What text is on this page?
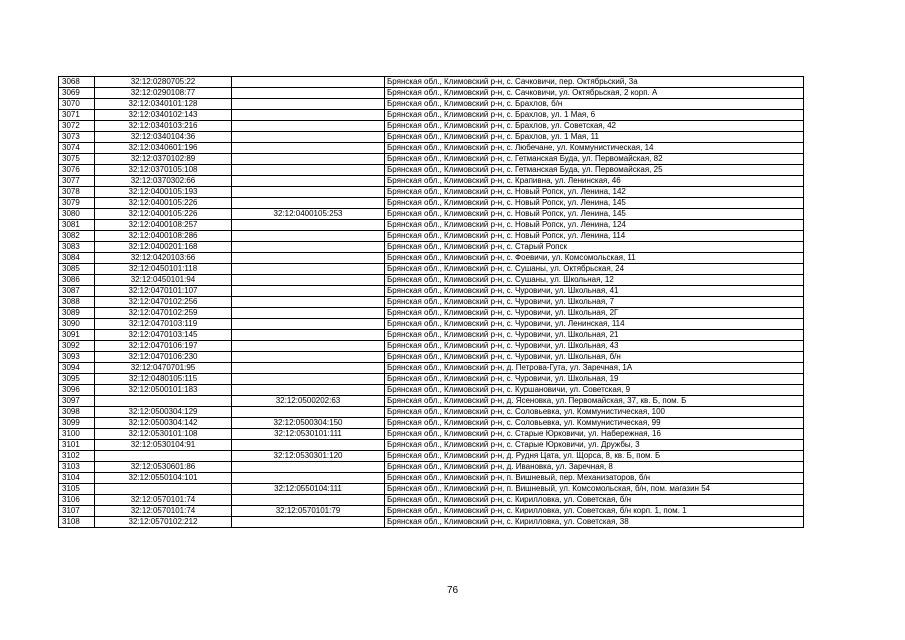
3068	32:12:0280705:22		Брянская обл., Климовский р-н, с. Сачковичи, пер. Октябрьский, 3а
3069	32:12:0290108:77		Брянская обл., Климовский р-н, с. Сачковичи, ул. Октябрьская, 2 корп. А
3070	32:12:0340101:128		Брянская обл., Климовский р-н, с. Брахлов, б/н
3071	32:12:0340102:143		Брянская обл., Климовский р-н, с. Брахлов, ул. 1 Мая, 6
3072	32:12:0340103:216		Брянская обл., Климовский р-н, с. Брахлов, ул. Советская, 42
3073	32:12:0340104:36		Брянская обл., Климовский р-н, с. Брахлов, ул. 1 Мая, 11
3074	32:12:0340601:196		Брянская обл., Климовский р-н, с. Любечане, ул. Коммунистическая, 14
3075	32:12:0370102:89		Брянская обл., Климовский р-н, с. Гетманская Буда, ул. Первомайская, 82
3076	32:12:0370105:108		Брянская обл., Климовский р-н, с. Гетманская Буда, ул. Первомайская, 25
3077	32:12:0370302:66		Брянская обл., Климовский р-н, с. Крапивна, ул. Ленинская, 46
3078	32:12:0400105:193		Брянская обл., Климовский р-н, с. Новый Ропск, ул. Ленина, 142
3079	32:12:0400105:226		Брянская обл., Климовский р-н, с. Новый Ропск, ул. Ленина, 145
3080	32:12:0400105:226	32:12:0400105:253	Брянская обл., Климовский р-н, с. Новый Ропск, ул. Ленина, 145
3081	32:12:0400108:257		Брянская обл., Климовский р-н, с. Новый Ропск, ул. Ленина, 124
3082	32:12:0400108:286		Брянская обл., Климовский р-н, с. Новый Ропск, ул. Ленина, 114
3083	32:12:0400201:168		Брянская обл., Климовский р-н, с. Старый Ропск
3084	32:12:0420103:66		Брянская обл., Климовский р-н, с. Фоевичи, ул. Комсомольская, 11
3085	32:12:0450101:118		Брянская обл., Климовский р-н, с. Сушаны, ул. Октябрьская, 24
3086	32:12:0450101:94		Брянская обл., Климовский р-н, с. Сушаны, ул. Школьная, 12
3087	32:12:0470101:107		Брянская обл., Климовский р-н, с. Чуровичи, ул. Школьная, 41
3088	32:12:0470102:256		Брянская обл., Климовский р-н, с. Чуровичи, ул. Школьная, 7
3089	32:12:0470102:259		Брянская обл., Климовский р-н, с. Чуровичи, ул. Школьная, 2Г
3090	32:12:0470103:119		Брянская обл., Климовский р-н, с. Чуровичи, ул. Ленинская, 114
3091	32:12:0470103:145		Брянская обл., Климовский р-н, с. Чуровичи, ул. Школьная, 21
3092	32:12:0470106:197		Брянская обл., Климовский р-н, с. Чуровичи, ул. Школьная, 43
3093	32:12:0470106:230		Брянская обл., Климовский р-н, с. Чуровичи, ул. Школьная, б/н
3094	32:12:0470701:95		Брянская обл., Климовский р-н, д. Петрова-Гута, ул. Заречная, 1А
3095	32:12:0480105:115		Брянская обл., Климовский р-н, с. Чуровичи, ул. Школьная, 19
3096	32:12:0500101:183		Брянская обл., Климовский р-н, с. Куршановичи, ул. Советская, 9
3097		32:12:0500202:63	Брянская обл., Климовский р-н, д. Ясеновка, ул. Первомайская, 37, кв. Б, пом. Б
3098	32:12:0500304:129		Брянская обл., Климовский р-н, с. Соловьевка, ул. Коммунистическая, 100
3099	32:12:0500304:142	32:12:0500304:150	Брянская обл., Климовский р-н, с. Соловьевка, ул. Коммунистическая, 99
3100	32:12:0530101:108	32:12:0530101:111	Брянская обл., Климовский р-н, с. Старые Юрковичи, ул. Набережная, 16
3101	32:12:0530104:91		Брянская обл., Климовский р-н, с. Старые Юрковичи, ул. Дружбы, 3
3102		32:12:0530301:120	Брянская обл., Климовский р-н, д. Рудня Цата, ул. Щорса, 8, кв. Б, пом. Б
3103	32:12:0530601:86		Брянская обл., Климовский р-н, д. Ивановка, ул. Заречная, 8
3104	32:12:0550104:101		Брянская обл., Климовский р-н, п. Вишневый, пер. Механизаторов, б/н
3105		32:12:0550104:111	Брянская обл., Климовский р-н, п. Вишневый, ул. Комсомольская, б/н, пом. магазин 54
3106	32:12:0570101:74		Брянская обл., Климовский р-н, с. Кирилловка, ул. Советская, б/н
3107	32:12:0570101:74	32:12:0570101:79	Брянская обл., Климовский р-н, с. Кирилловка, ул. Советская, б/н корп. 1, пом. 1
3108	32:12:0570102:212		Брянская обл., Климовский р-н, с. Кирилловка, ул. Советская, 38
76
